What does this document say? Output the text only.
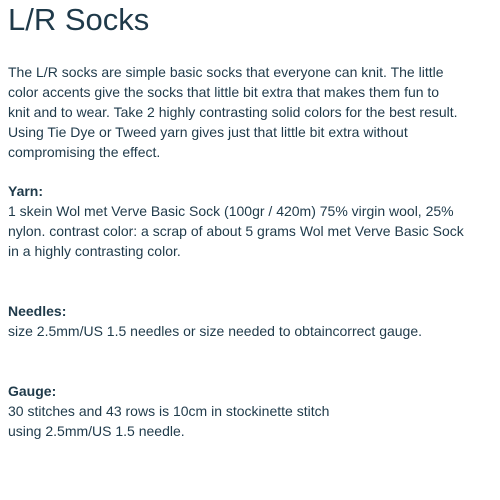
L/R Socks
The L/R socks are simple basic socks that everyone can knit. The little
color accents give the socks that little bit extra that makes them fun to
knit and to wear. Take 2 highly contrasting solid colors for the best result.
Using Tie Dye or Tweed yarn gives just that little bit extra without
compromising the effect.
Yarn:
1 skein Wol met Verve Basic Sock (100gr / 420m) 75% virgin wool, 25%
nylon. contrast color: a scrap of about 5 grams Wol met Verve Basic Sock
in a highly contrasting color.
Needles:
size 2.5mm/US 1.5 needles or size needed to obtaincorrect gauge.
Gauge:
30 stitches and 43 rows is 10cm in stockinette stitch
using 2.5mm/US 1.5 needle.
